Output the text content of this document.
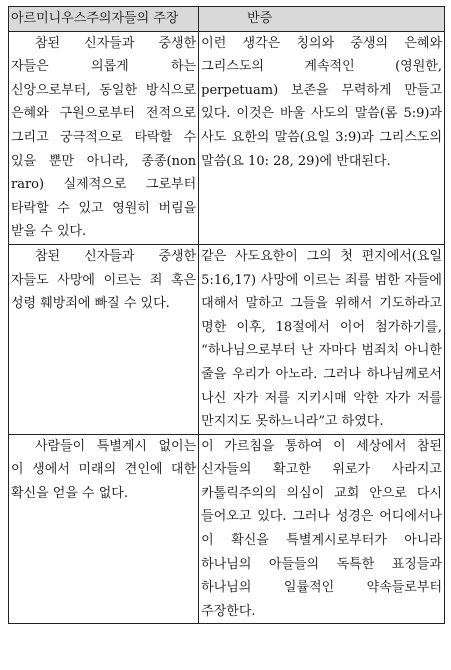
아르미니우스주의자들의 주장	반증
참된 신자들과 중생한 자들은 의롭게 하는 신앙으로부터, 동일한 방식으로 은혜와 구원으로부터 전적으로 그리고 궁극적으로 타락할 수 있을 뿐만 아니라, 종종(non raro) 실제적으로 그로부터 타락할 수 있고 영원히 버림을 받을 수 있다.	이런 생각은 칭의와 중생의 은혜와 그리스도의 계속적인 (영원한, perpetuam) 보존을 무력하게 만들고 있다. 이것은 바울 사도의 말씀(롬 5:9)과 사도 요한의 말씀(요일 3:9)과 그리스도의 말씀(요 10: 28, 29)에 반대된다.
참된 신자들과 중생한 자들도 사망에 이르는 죄 혹은 성령 훼방죄에 빠질 수 있다.	같은 사도요한이 그의 첫 편지에서(요일 5:16,17) 사망에 이르는 죄를 범한 자들에 대해서 말하고 그들을 위해서 기도하라고 명한 이후, 18절에서 이어 첨가하기를, “하나님으로부터 난 자마다 범죄치 아니한 줄을 우리가 아노라. 그러나 하나님께로서 나신 자가 저를 지키시매 악한 자가 저를 만지지도 못하느니라”고 하였다.
사람들이 특별계시 없이는 이 생에서 미래의 견인에 대한 확신을 얻을 수 없다.	이 가르침을 통하여 이 세상에서 참된 신자들의 확고한 위로가 사라지고 카톨릭주의의 의심이 교회 안으로 다시 들어오고 있다. 그러나 성경은 어디에서나 이 확신을 특별계시로부터가 아니라 하나님의 아들들의 독특한 표징들과 하나님의 일률적인 약속들로부터 주장한다.
